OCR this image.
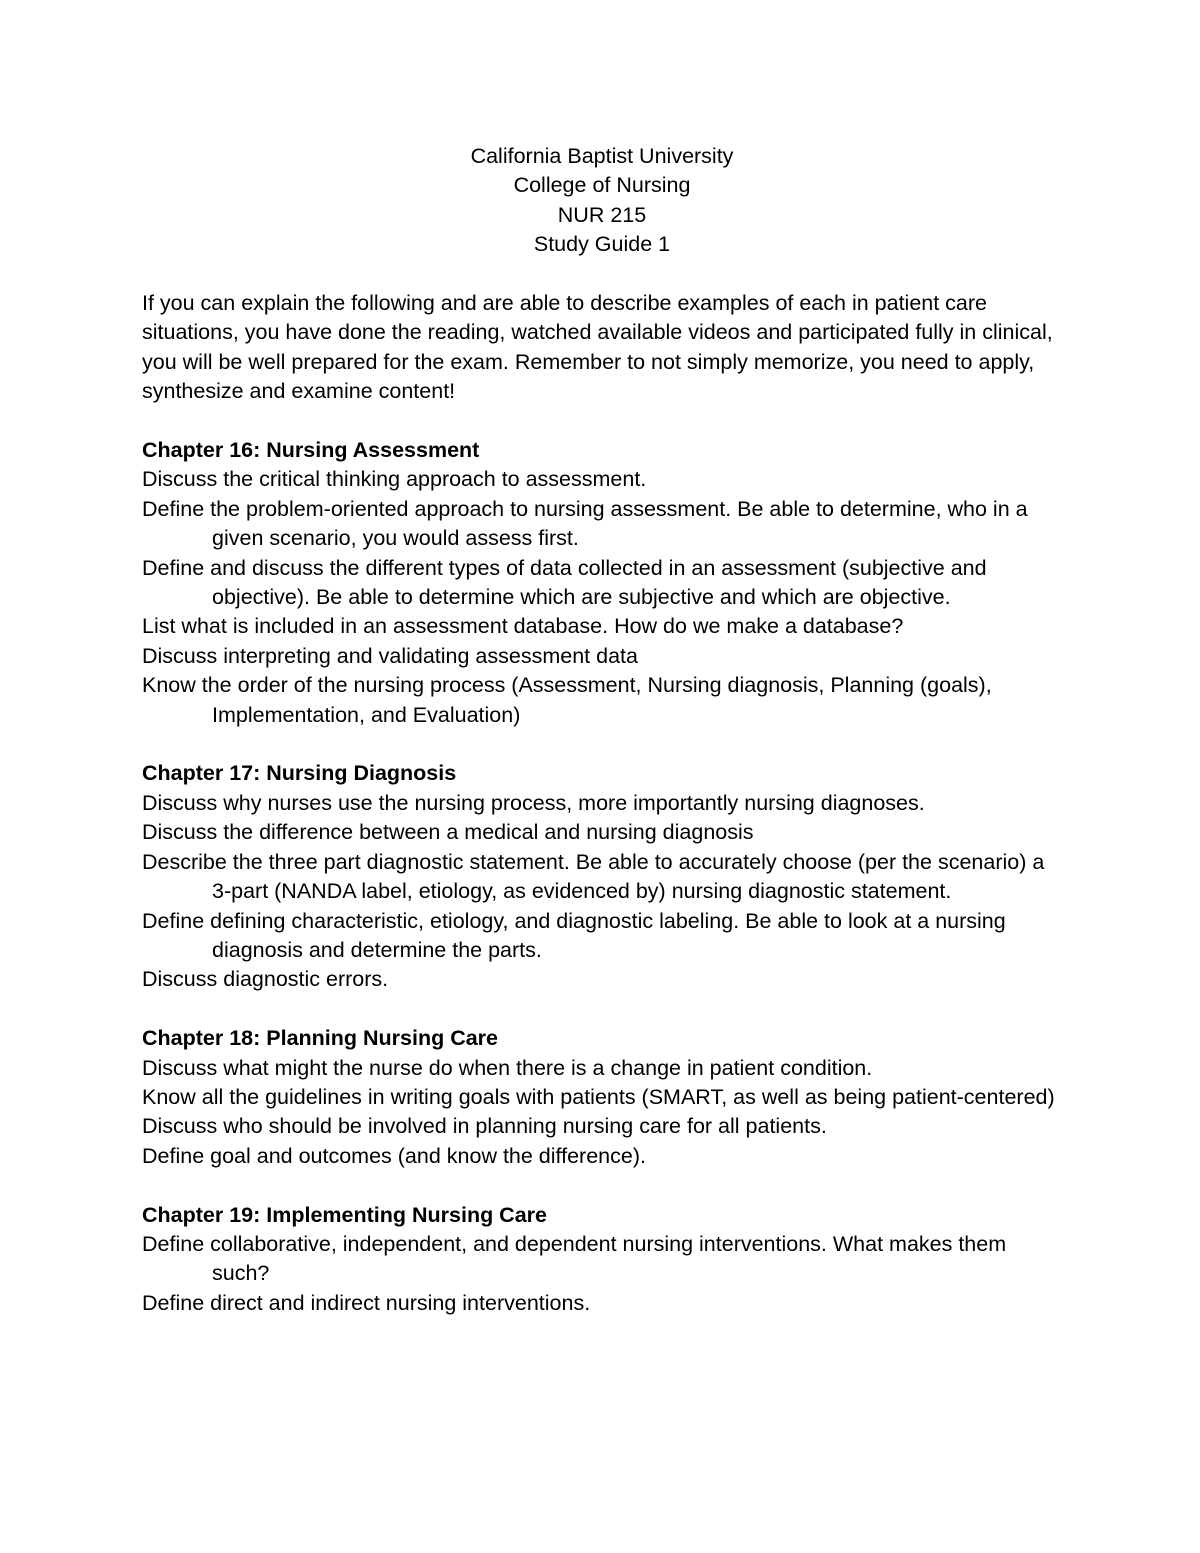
California Baptist University
College of Nursing
NUR 215
Study Guide 1
If you can explain the following and are able to describe examples of each in patient care situations, you have done the reading, watched available videos and participated fully in clinical, you will be well prepared for the exam. Remember to not simply memorize, you need to apply, synthesize and examine content!
Chapter 16: Nursing Assessment
Discuss the critical thinking approach to assessment.
Define the problem-oriented approach to nursing assessment. Be able to determine, who in a given scenario, you would assess first.
Define and discuss the different types of data collected in an assessment (subjective and objective). Be able to determine which are subjective and which are objective.
List what is included in an assessment database. How do we make a database?
Discuss interpreting and validating assessment data
Know the order of the nursing process (Assessment, Nursing diagnosis, Planning (goals), Implementation, and Evaluation)
Chapter 17: Nursing Diagnosis
Discuss why nurses use the nursing process, more importantly nursing diagnoses.
Discuss the difference between a medical and nursing diagnosis
Describe the three part diagnostic statement. Be able to accurately choose (per the scenario) a 3-part (NANDA label, etiology, as evidenced by) nursing diagnostic statement.
Define defining characteristic, etiology, and diagnostic labeling. Be able to look at a nursing diagnosis and determine the parts.
Discuss diagnostic errors.
Chapter 18: Planning Nursing Care
Discuss what might the nurse do when there is a change in patient condition.
Know all the guidelines in writing goals with patients (SMART, as well as being patient-centered)
Discuss who should be involved in planning nursing care for all patients.
Define goal and outcomes (and know the difference).
Chapter 19: Implementing Nursing Care
Define collaborative, independent, and dependent nursing interventions. What makes them such?
Define direct and indirect nursing interventions.
